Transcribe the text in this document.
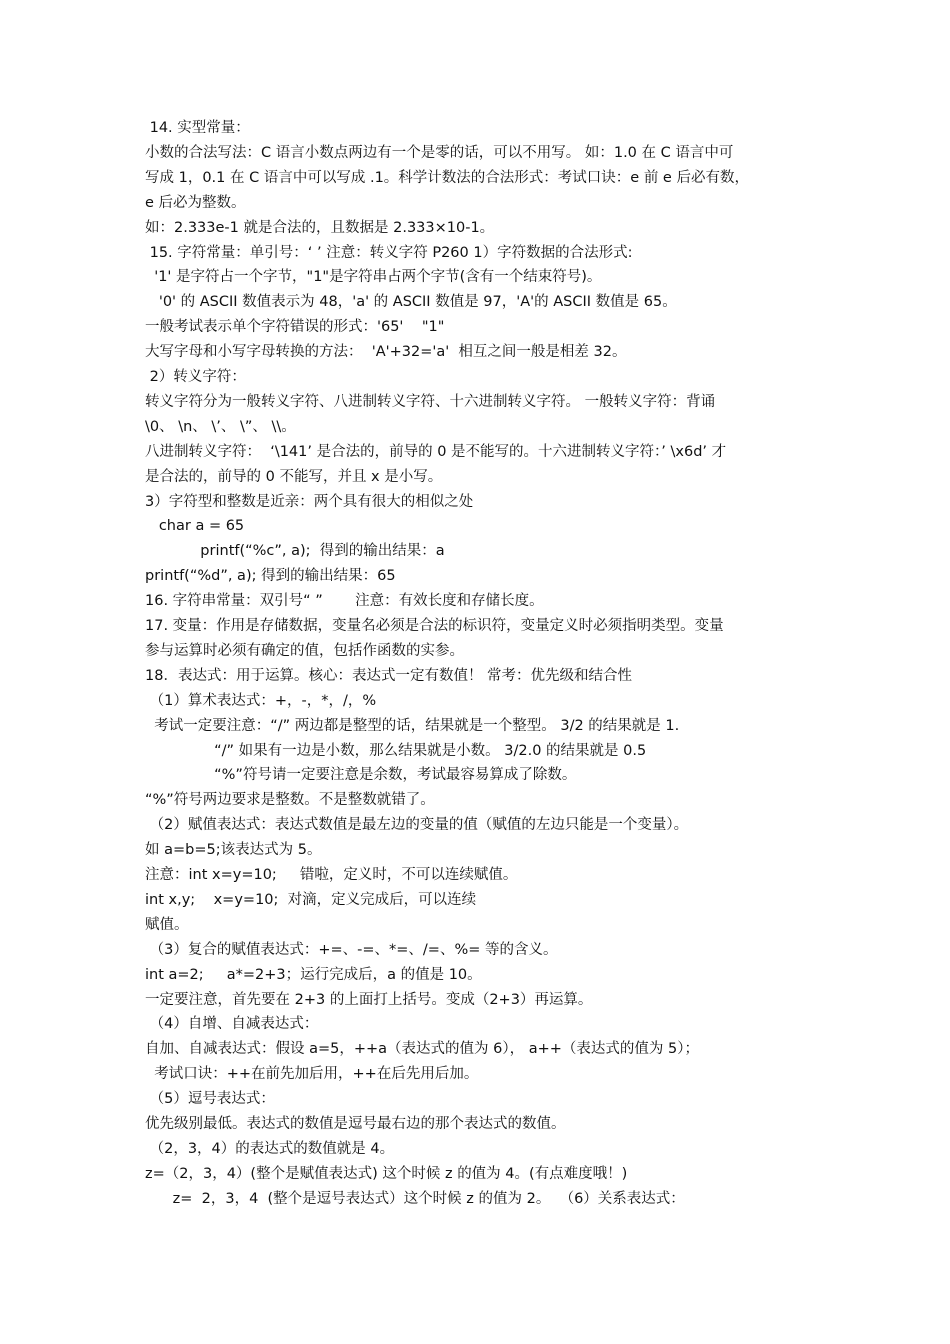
14. 实型常量：
小数的合法写法：C 语言小数点两边有一个是零的话，可以不用写。 如：1.0 在 C 语言中可
写成 1，0.1 在 C 语言中可以写成 .1。科学计数法的合法形式：考试口诀：e 前 e 后必有数，
e 后必为整数。
如：2.333e-1 就是合法的，且数据是 2.333×10-1。
15. 字符常量：单引号：‘ ’ 注意：转义字符 P260 1）字符数据的合法形式:
'1' 是字符占一个字节，"1"是字符串占两个字节(含有一个结束符号)。
'0' 的 ASCII 数值表示为 48，'a' 的 ASCII 数值是 97，'A'的 ASCII 数值是 65。
一般考试表示单个字符错误的形式：'65'    "1"
大写字母和小写字母转换的方法：  'A'+32='a'  相互之间一般是相差 32。
2）转义字符：
转义字符分为一般转义字符、八进制转义字符、十六进制转义字符。 一般转义字符：背诵
\0、 \n、 \’、 \”、 \\。
八进制转义字符：  ‘\141’ 是合法的，前导的 0 是不能写的。十六进制转义字符：’ \x6d’ 才
是合法的，前导的 0 不能写，并且 x 是小写。
3）字符型和整数是近亲：两个具有很大的相似之处
char a = 65
printf(“%c”, a);  得到的输出结果：a
printf(“%d”, a); 得到的输出结果：65
16. 字符串常量：双引号“ ”       注意：有效长度和存储长度。
17. 变量：作用是存储数据，变量名必须是合法的标识符，变量定义时必须指明类型。变量
参与运算时必须有确定的值，包括作函数的实参。
18．表达式：用于运算。核心：表达式一定有数值！ 常考：优先级和结合性
（1）算术表达式：+，-，*，/，%
考试一定要注意：“/” 两边都是整型的话，结果就是一个整型。 3/2 的结果就是 1.
“/” 如果有一边是小数，那么结果就是小数。 3/2.0 的结果就是 0.5
“%”符号请一定要注意是余数，考试最容易算成了除数。
“%”符号两边要求是整数。不是整数就错了。
（2）赋值表达式：表达式数值是最左边的变量的值（赋值的左边只能是一个变量）。
如 a=b=5;该表达式为 5。
注意：int x=y=10;     错啦，定义时，不可以连续赋值。
int x,y;    x=y=10;  对滴，定义完成后，可以连续
赋值。
（3）复合的赋值表达式：+=、-=、*=、/=、%= 等的含义。
int a=2;     a*=2+3；运行完成后，a 的值是 10。
一定要注意，首先要在 2+3 的上面打上括号。变成（2+3）再运算。
（4）自增、自减表达式：
自加、自减表达式：假设 a=5，++a（表达式的值为 6）， a++（表达式的值为 5）；
考试口诀：++在前先加后用，++在后先用后加。
（5）逗号表达式：
优先级别最低。表达式的数值是逗号最右边的那个表达式的数值。
（2，3，4）的表达式的数值就是 4。
z=（2，3，4）(整个是赋值表达式) 这个时候 z 的值为 4。(有点难度哦！)
z=  2，3，4  (整个是逗号表达式）这个时候 z 的值为 2。  （6）关系表达式：
